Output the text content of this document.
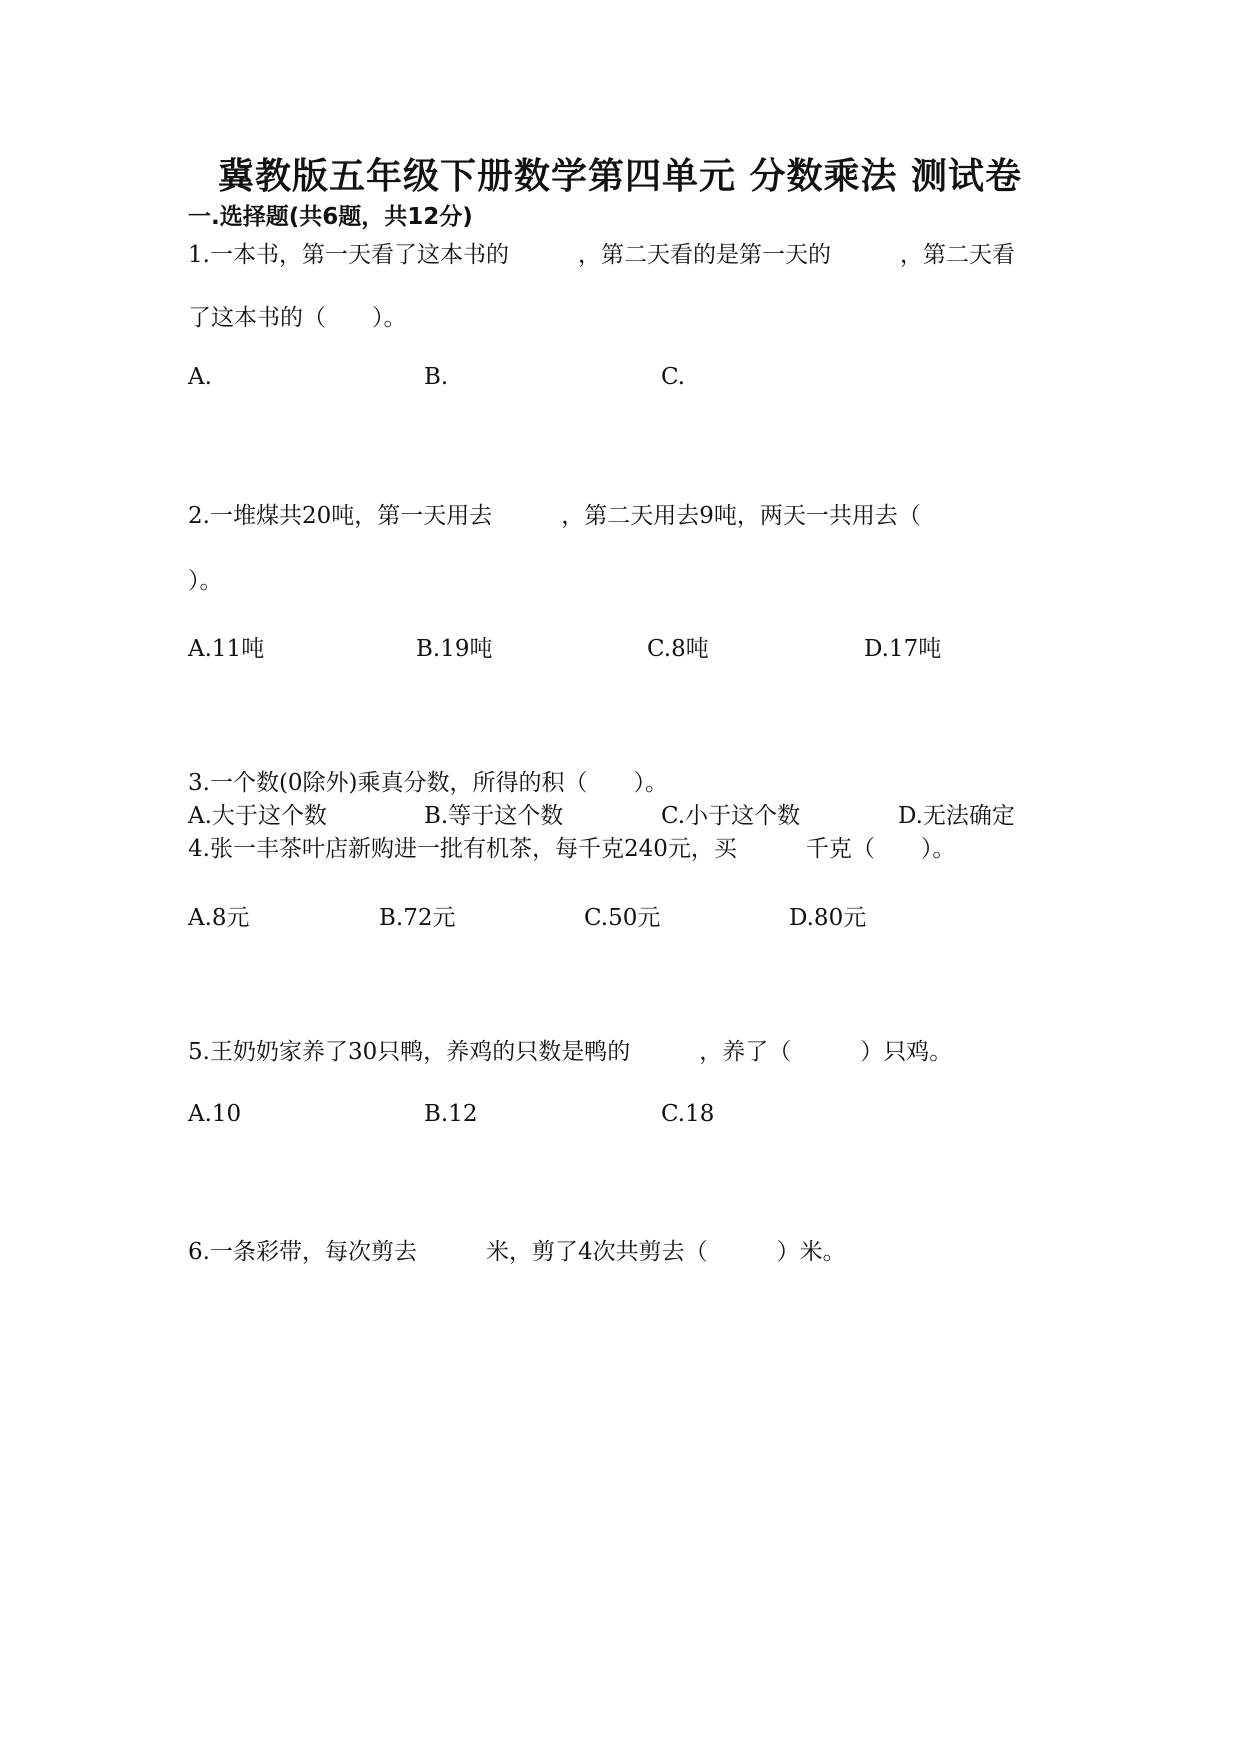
冀教版五年级下册数学第四单元 分数乘法 测试卷
一.选择题(共6题，共12分)
1.一本书，第一天看了这本书的　　　，第二天看的是第一天的　　　，第二天看
了这本书的（　　）。
A.	B.	C.
2.一堆煤共20吨，第一天用去　　　，第二天用去9吨，两天一共用去（
）。
A.11吨	B.19吨	C.8吨	D.17吨
3.一个数(0除外)乘真分数，所得的积（　　）。
A.大于这个数	B.等于这个数	C.小于这个数	D.无法确定
4.张一丰茶叶店新购进一批有机茶，每千克240元，买　　　千克（　　）。
A.8元	B.72元	C.50元	D.80元
5.王奶奶家养了30只鸭，养鸡的只数是鸭的　　　，养了（　　　）只鸡。
A.10	B.12	C.18
6.一条彩带，每次剪去　　　米，剪了4次共剪去（　　　）米。
